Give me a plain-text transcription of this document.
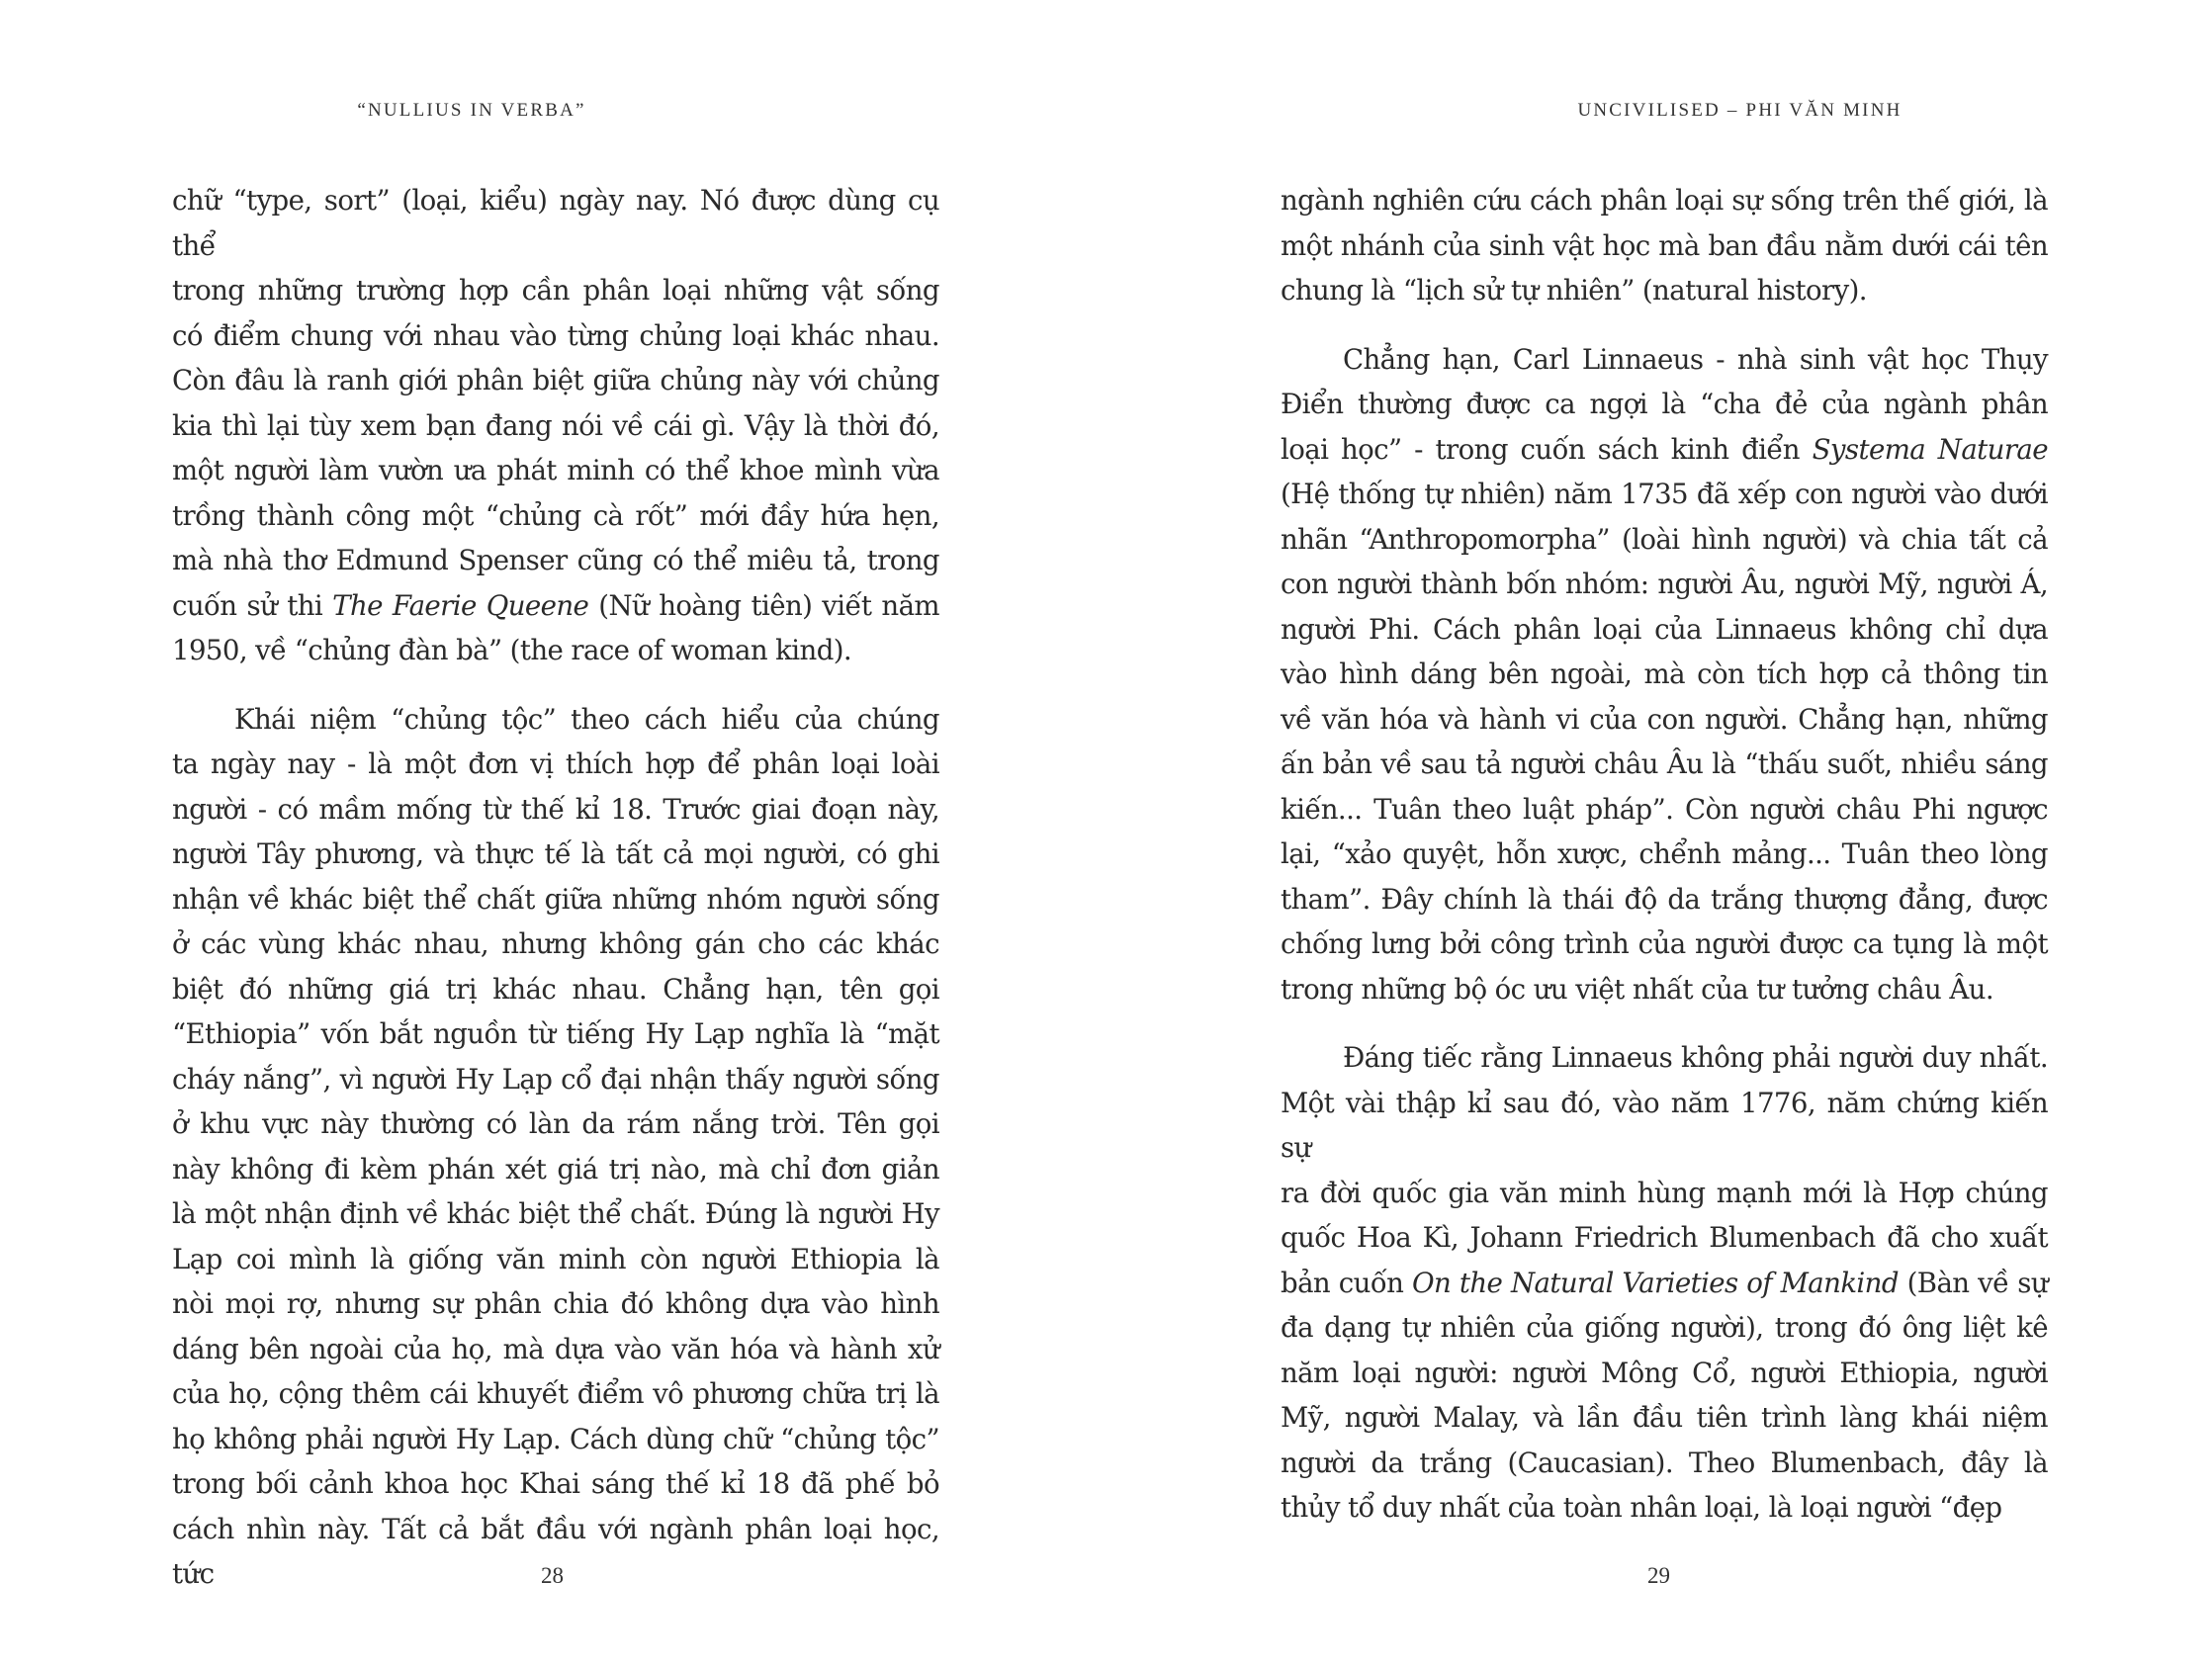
“NULLIUS IN VERBA”
chữ “type, sort” (loại, kiểu) ngày nay. Nó được dùng cụ thể
trong những trường hợp cần phân loại những vật sống
có điểm chung với nhau vào từng chủng loại khác nhau.
Còn đâu là ranh giới phân biệt giữa chủng này với chủng
kia thì lại tùy xem bạn đang nói về cái gì. Vậy là thời đó,
một người làm vườn ưa phát minh có thể khoe mình vừa
trồng thành công một “chủng cà rốt” mới đầy hứa hẹn,
mà nhà thơ Edmund Spenser cũng có thể miêu tả, trong
cuốn sử thi The Faerie Queene (Nữ hoàng tiên) viết năm
1950, về “chủng đàn bà” (the race of woman kind).
Khái niệm “chủng tộc” theo cách hiểu của chúng
ta ngày nay - là một đơn vị thích hợp để phân loại loài
người - có mầm mống từ thế kỉ 18. Trước giai đoạn này,
người Tây phương, và thực tế là tất cả mọi người, có ghi
nhận về khác biệt thể chất giữa những nhóm người sống
ở các vùng khác nhau, nhưng không gán cho các khác
biệt đó những giá trị khác nhau. Chẳng hạn, tên gọi
“Ethiopia” vốn bắt nguồn từ tiếng Hy Lạp nghĩa là “mặt
cháy nắng”, vì người Hy Lạp cổ đại nhận thấy người sống
ở khu vực này thường có làn da rám nắng trời. Tên gọi
này không đi kèm phán xét giá trị nào, mà chỉ đơn giản
là một nhận định về khác biệt thể chất. Đúng là người Hy
Lạp coi mình là giống văn minh còn người Ethiopia là
nòi mọi rợ, nhưng sự phân chia đó không dựa vào hình
dáng bên ngoài của họ, mà dựa vào văn hóa và hành xử
của họ, cộng thêm cái khuyết điểm vô phương chữa trị là
họ không phải người Hy Lạp. Cách dùng chữ “chủng tộc”
trong bối cảnh khoa học Khai sáng thế kỉ 18 đã phế bỏ
cách nhìn này. Tất cả bắt đầu với ngành phân loại học, tức	28
UNCIVILISED – PHI VĂN MINH
ngành nghiên cứu cách phân loại sự sống trên thế giới, là
một nhánh của sinh vật học mà ban đầu nằm dưới cái tên
chung là “lịch sử tự nhiên” (natural history).
Chẳng hạn, Carl Linnaeus - nhà sinh vật học Thụy
Điển thường được ca ngợi là “cha đẻ của ngành phân
loại học” - trong cuốn sách kinh điển Systema Naturae
(Hệ thống tự nhiên) năm 1735 đã xếp con người vào dưới
nhãn “Anthropomorpha” (loài hình người) và chia tất cả
con người thành bốn nhóm: người Âu, người Mỹ, người Á,
người Phi. Cách phân loại của Linnaeus không chỉ dựa
vào hình dáng bên ngoài, mà còn tích hợp cả thông tin
về văn hóa và hành vi của con người. Chẳng hạn, những
ấn bản về sau tả người châu Âu là “thấu suốt, nhiều sáng
kiến... Tuân theo luật pháp”. Còn người châu Phi ngược
lại, “xảo quyệt, hỗn xược, chểnh mảng... Tuân theo lòng
tham”. Đây chính là thái độ da trắng thượng đẳng, được
chống lưng bởi công trình của người được ca tụng là một
trong những bộ óc ưu việt nhất của tư tưởng châu Âu.
Đáng tiếc rằng Linnaeus không phải người duy nhất.
Một vài thập kỉ sau đó, vào năm 1776, năm chứng kiến sự
ra đời quốc gia văn minh hùng mạnh mới là Hợp chúng
quốc Hoa Kì, Johann Friedrich Blumenbach đã cho xuất
bản cuốn On the Natural Varieties of Mankind (Bàn về sự
đa dạng tự nhiên của giống người), trong đó ông liệt kê
năm loại người: người Mông Cổ, người Ethiopia, người
Mỹ, người Malay, và lần đầu tiên trình làng khái niệm
người da trắng (Caucasian). Theo Blumenbach, đây là
thủy tổ duy nhất của toàn nhân loại, là loại người “đẹp
29
